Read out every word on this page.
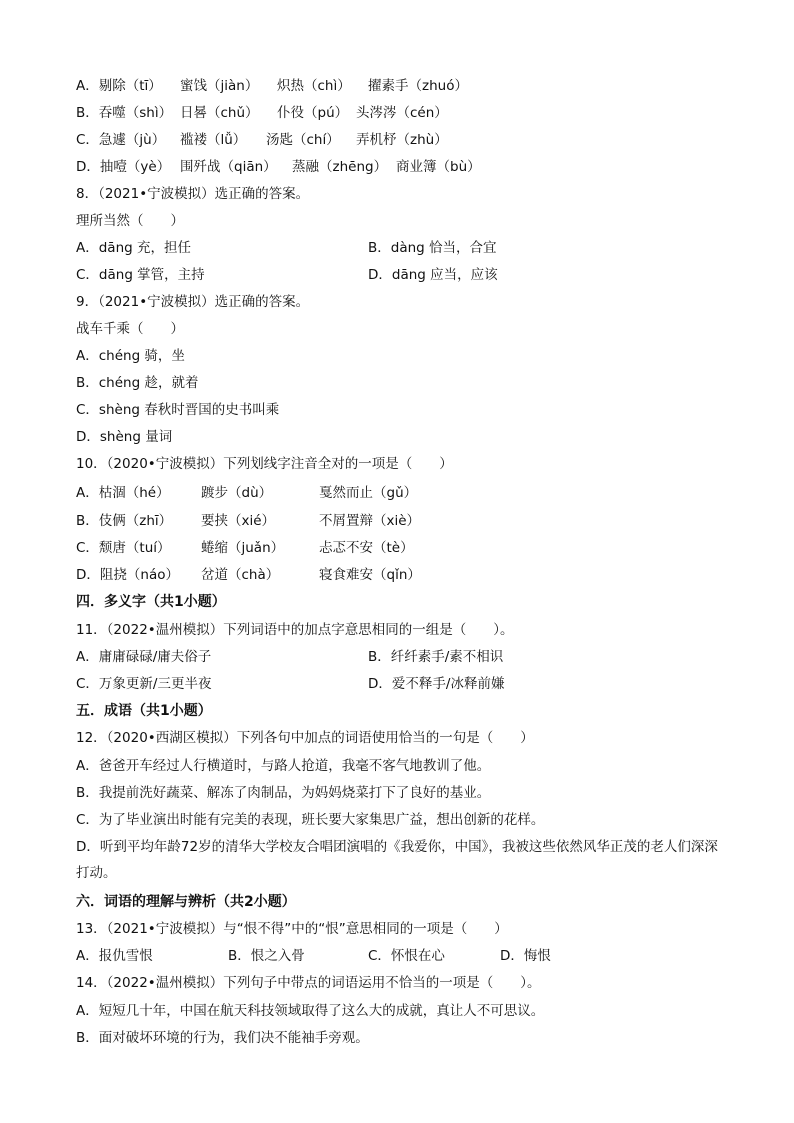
A．剔除（tī） 蜜饯（jiàn） 炽热（chì） 擢素手（zhuó）
B．吞噬（shì） 日晷（chǔ） 仆役（pú） 头涔涔（cén）
C．急遽（jù） 褴褛（lǚ） 汤匙（chí） 弄机杼（zhù）
D．抽噎（yè） 围歼战（qiān） 蒸融（zhēng） 商业簿（bù）
8．（2021•宁波模拟）选正确的答案。
理所当然（　　）
A．dāng 充，担任	B．dàng 恰当，合宜
C．dāng 掌管，主持	D．dāng 应当，应该
9．（2021•宁波模拟）选正确的答案。
战车千乘（　　）
A．chéng 骑，坐
B．chéng 趁，就着
C．shèng 春秋时晋国的史书叫乘
D．shèng 量词
10．（2020•宁波模拟）下列划线字注音全对的一项是（　　）
A．枯涸（hé） 踱步（dù）	戛然而止（gǔ）
B．伎俩（zhī） 要挟（xié）	不屑置辩（xiè）
C．颓唐（tuí） 蜷缩（juǎn）	忐忑不安（tè）
D．阻挠（náo） 岔道（chà）	寝食难安（qǐn）
四．多义字（共1小题）
11．（2022•温州模拟）下列词语中的加点字意思相同的一组是（　　）。
A．庸庸碌碌/庸夫俗子	B．纤纤素手/素不相识
C．万象更新/三更半夜	D．爱不释手/冰释前嫌
五．成语（共1小题）
12．（2020•西湖区模拟）下列各句中加点的词语使用恰当的一句是（　　）
A．爸爸开车经过人行横道时，与路人抢道，我毫不客气地教训了他。
B．我提前洗好蔬菜、解冻了肉制品，为妈妈烧菜打下了良好的基业。
C．为了毕业演出时能有完美的表现，班长要大家集思广益，想出创新的花样。
D．听到平均年龄72岁的清华大学校友合唱团演唱的《我爱你，中国》，我被这些依然风华正茂的老人们深深打动。
六．词语的理解与辨析（共2小题）
13．（2021•宁波模拟）与“恨不得”中的“恨”意思相同的一项是（　　）
A．报仇雪恨	B．恨之入骨	C．怀恨在心	D．悔恨
14．（2022•温州模拟）下列句子中带点的词语运用不恰当的一项是（　　）。
A．短短几十年，中国在航天科技领域取得了这么大的成就，真让人不可思议。
B．面对破坏环境的行为，我们决不能袖手旁观。
